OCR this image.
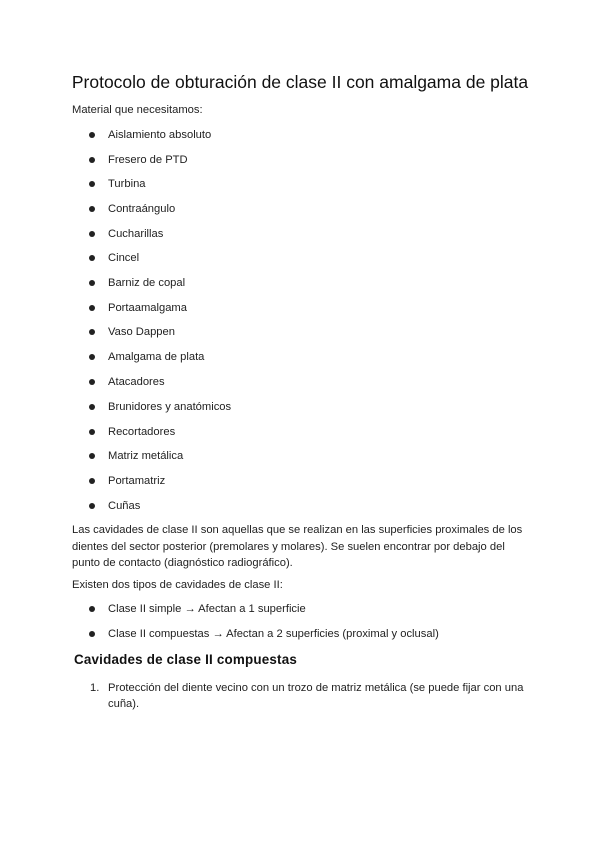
Protocolo de obturación de clase II con amalgama de plata

Material que necesitamos:

Aislamiento absoluto
Fresero de PTD
Turbina
Contraángulo
Cucharillas
Cincel
Barniz de copal
Portaamalgama
Vaso Dappen
Amalgama de plata
Atacadores
Brunidores y anatómicos
Recortadores
Matriz metálica
Portamatriz
Cuñas

Las cavidades de clase II son aquellas que se realizan en las superficies proximales de los dientes del sector posterior (premolares y molares). Se suelen encontrar por debajo del punto de contacto (diagnóstico radiográfico).

Existen dos tipos de cavidades de clase II:

Clase II simple → Afectan a 1 superficie
Clase II compuestas → Afectan a 2 superficies (proximal y oclusal)
Cavidades de clase II compuestas
1. Protección del diente vecino con un trozo de matriz metálica (se puede fijar con una cuña).
